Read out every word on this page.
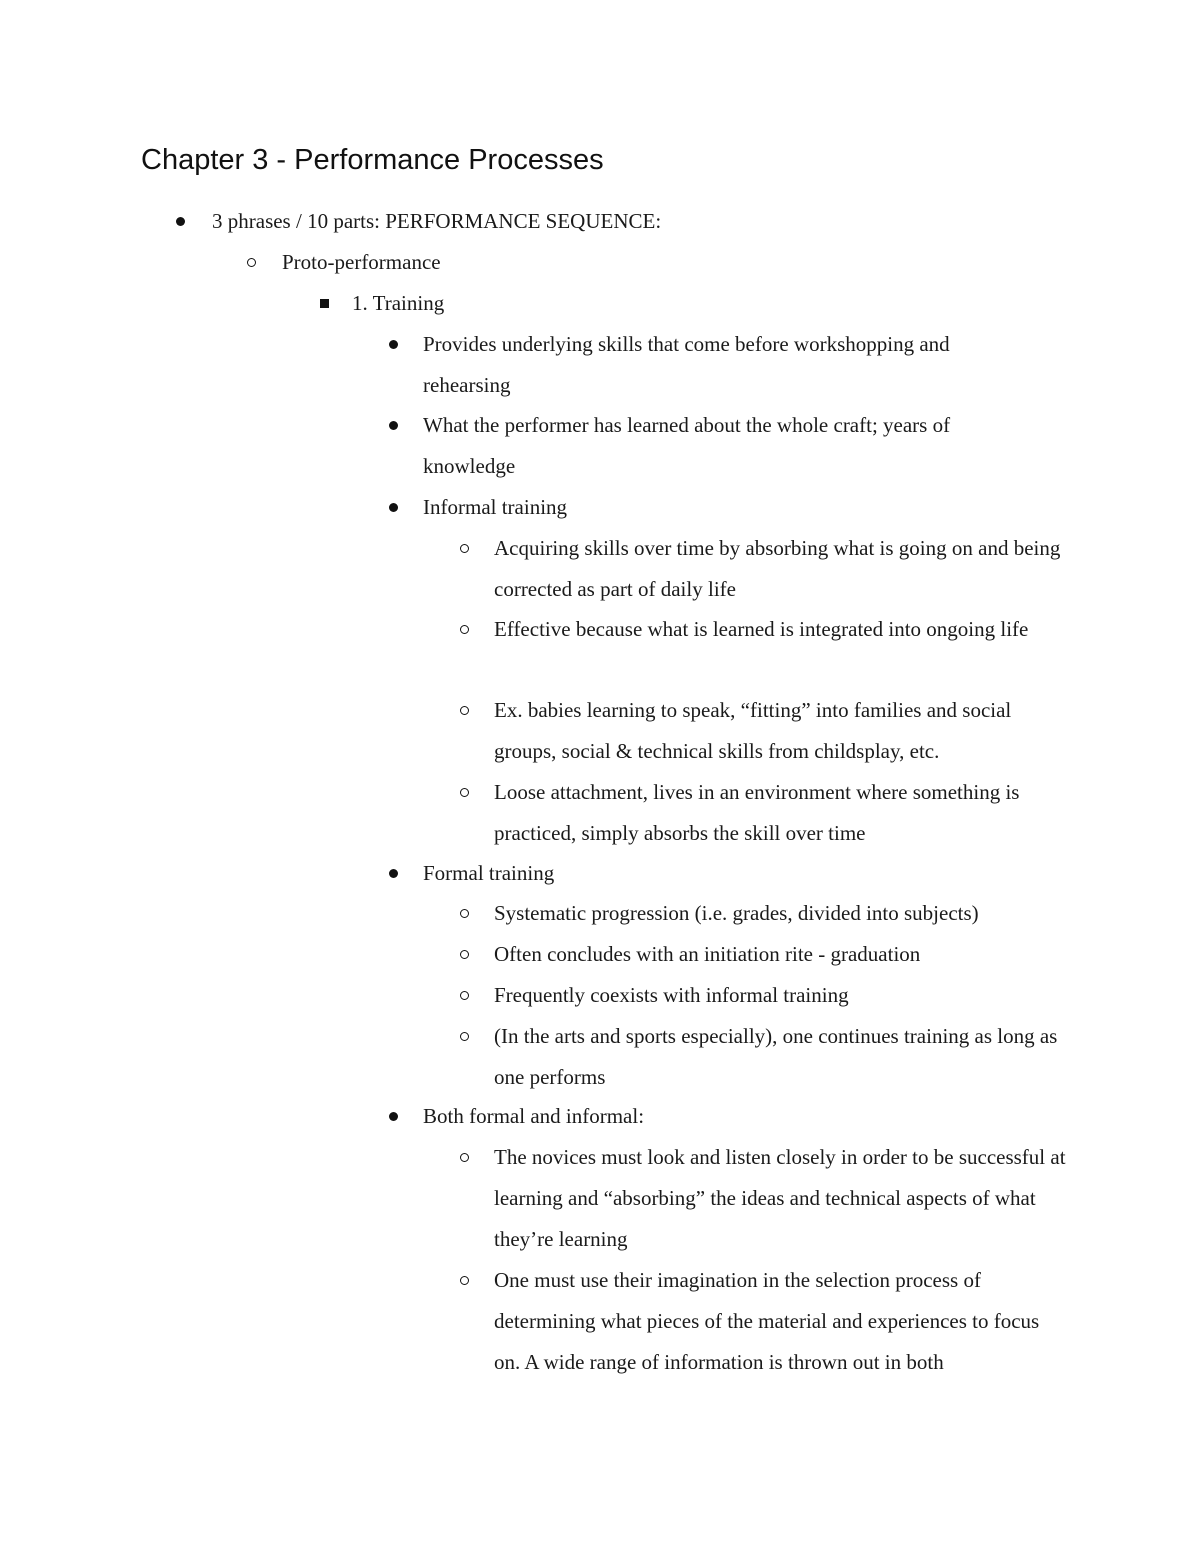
Chapter 3 - Performance Processes
3 phrases / 10 parts: PERFORMANCE SEQUENCE:
Proto-performance
1. Training
Provides underlying skills that come before workshopping and rehearsing
What the performer has learned about the whole craft; years of knowledge
Informal training
Acquiring skills over time by absorbing what is going on and being corrected as part of daily life
Effective because what is learned is integrated into ongoing life
Ex. babies learning to speak, “fitting” into families and social groups, social & technical skills from childsplay, etc.
Loose attachment, lives in an environment where something is practiced, simply absorbs the skill over time
Formal training
Systematic progression (i.e. grades, divided into subjects)
Often concludes with an initiation rite - graduation
Frequently coexists with informal training
(In the arts and sports especially), one continues training as long as one performs
Both formal and informal:
The novices must look and listen closely in order to be successful at learning and “absorbing” the ideas and technical aspects of what they’re learning
One must use their imagination in the selection process of determining what pieces of the material and experiences to focus on. A wide range of information is thrown out in both
